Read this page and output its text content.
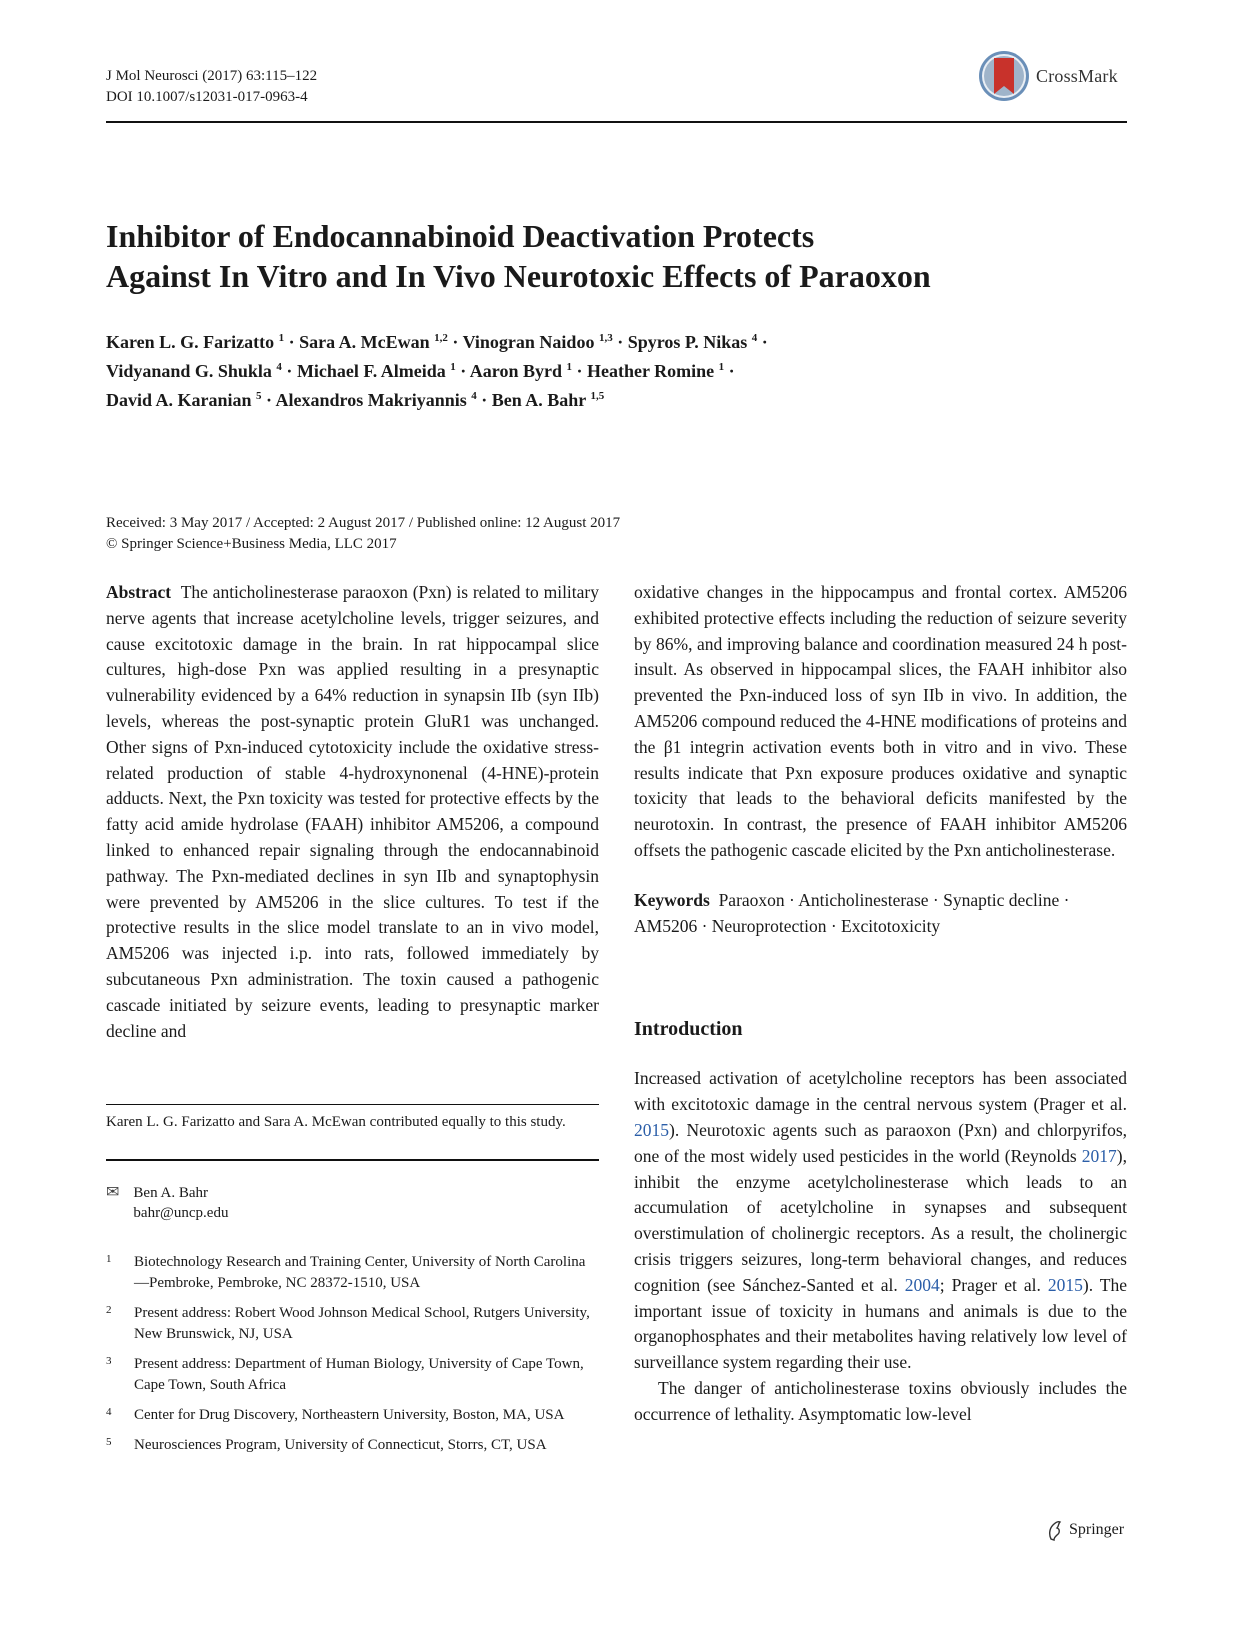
J Mol Neurosci (2017) 63:115–122
DOI 10.1007/s12031-017-0963-4
CrossMark
Inhibitor of Endocannabinoid Deactivation Protects
Against In Vitro and In Vivo Neurotoxic Effects of Paraoxon
Karen L. G. Farizatto $^1$ · Sara A. McEwan $^{1,2}$ · Vinogran Naidoo $^{1,3}$ · Spyros P. Nikas $^4$ ·
Vidyanand G. Shukla $^4$ · Michael F. Almeida $^1$ · Aaron Byrd $^1$ · Heather Romine $^1$ ·
David A. Karanian $^5$ · Alexandros Makriyannis $^4$ · Ben A. Bahr $^{1,5}$
Received: 3 May 2017 / Accepted: 2 August 2017 / Published online: 12 August 2017
© Springer Science+Business Media, LLC 2017

Abstract The anticholinesterase paraoxon (Pxn) is related to military nerve agents that increase acetylcholine levels, trigger seizures, and cause excitotoxic damage in the brain. In rat hippocampal slice cultures, high-dose Pxn was applied resulting in a presynaptic vulnerability evidenced by a 64% reduction in synapsin IIb (syn IIb) levels, whereas the post-synaptic protein GluR1 was unchanged. Other signs of Pxn-induced cytotoxicity include the oxidative stress-related production of stable 4-hydroxynonenal (4-HNE)-protein adducts. Next, the Pxn toxicity was tested for protective effects by the fatty acid amide hydrolase (FAAH) inhibitor AM5206, a compound linked to enhanced repair signaling through the endocannabinoid pathway. The Pxn-mediated declines in syn IIb and synaptophysin were prevented by AM5206 in the slice cultures. To test if the protective results in the slice model translate to an in vivo model, AM5206 was injected i.p. into rats, followed immediately by subcutaneous Pxn administration. The toxin caused a pathogenic cascade initiated by seizure events, leading to presynaptic marker decline and

oxidative changes in the hippocampus and frontal cortex. AM5206 exhibited protective effects including the reduction of seizure severity by 86%, and improving balance and coordination measured 24 h post-insult. As observed in hippocampal slices, the FAAH inhibitor also prevented the Pxn-induced loss of syn IIb in vivo. In addition, the AM5206 compound reduced the 4-HNE modifications of proteins and the β1 integrin activation events both in vitro and in vivo. These results indicate that Pxn exposure produces oxidative and synaptic toxicity that leads to the behavioral deficits manifested by the neurotoxin. In contrast, the presence of FAAH inhibitor AM5206 offsets the pathogenic cascade elicited by the Pxn anticholinesterase.

Keywords Paraoxon · Anticholinesterase · Synaptic decline · AM5206 · Neuroprotection · Excitotoxicity

Introduction

Increased activation of acetylcholine receptors has been associated with excitotoxic damage in the central nervous system (Prager et al. 2015). Neurotoxic agents such as paraoxon (Pxn) and chlorpyrifos, one of the most widely used pesticides in the world (Reynolds 2017), inhibit the enzyme acetylcholinesterase which leads to an accumulation of acetylcholine in synapses and subsequent overstimulation of cholinergic receptors. As a result, the cholinergic crisis triggers seizures, long-term behavioral changes, and reduces cognition (see Sánchez-Santed et al. 2004; Prager et al. 2015). The important issue of toxicity in humans and animals is due to the organophosphates and their metabolites having relatively low level of surveillance system regarding their use.

The danger of anticholinesterase toxins obviously includes the occurrence of lethality. Asymptomatic low-level

Karen L. G. Farizatto and Sara A. McEwan contributed equally to this study.
✉ Ben A. Bahr
bahr@uncp.edu
1	Biotechnology Research and Training Center, University of North Carolina—Pembroke, Pembroke, NC 28372-1510, USA
2	Present address: Robert Wood Johnson Medical School, Rutgers University, New Brunswick, NJ, USA
3	Present address: Department of Human Biology, University of Cape Town, Cape Town, South Africa
4	Center for Drug Discovery, Northeastern University, Boston, MA, USA
5	Neurosciences Program, University of Connecticut, Storrs, CT, USA
Springer
